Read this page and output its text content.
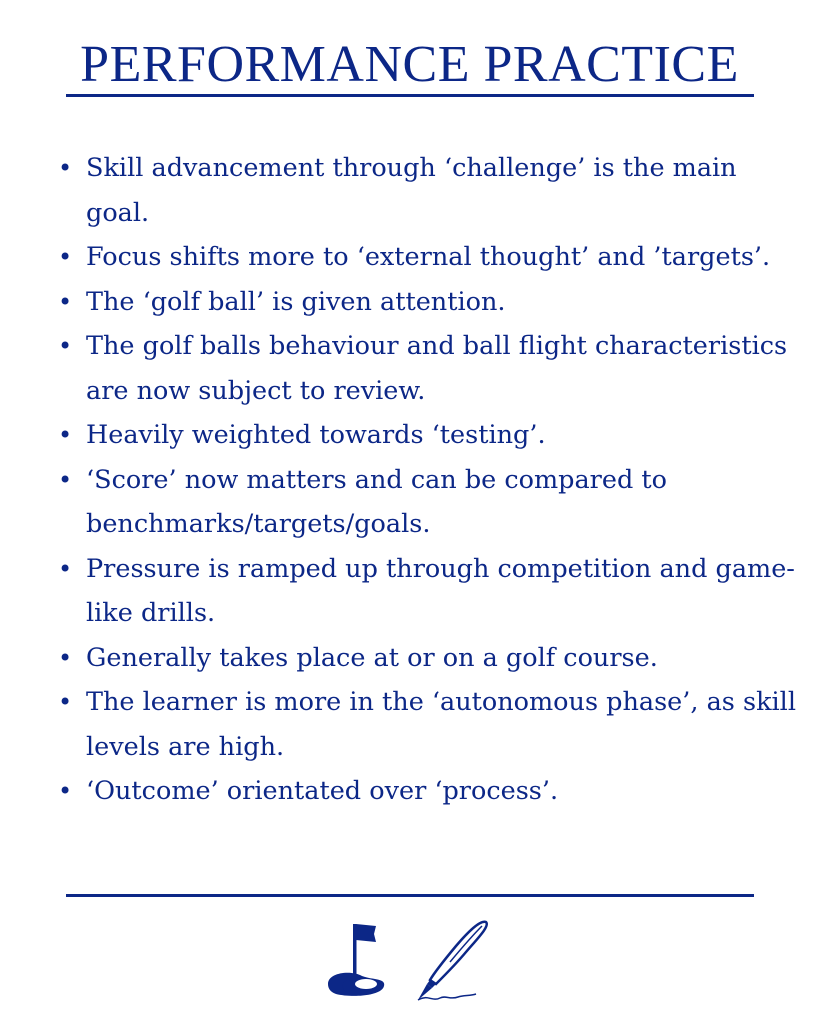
PERFORMANCE PRACTICE
• Skill advancement through ‘challenge’ is the main goal.
• Focus shifts more to ‘external thought’ and ’targets’.
• The ‘golf ball’ is given attention.
• The golf balls behaviour and ball flight characteristics are now subject to review.
• Heavily weighted towards ‘testing’.
• ‘Score’ now matters and can be compared to benchmarks/targets/goals.
• Pressure is ramped up through competition and game-like drills.
• Generally takes place at or on a golf course.
• The learner is more in the ‘autonomous phase’, as skill levels are high.
• ‘Outcome’ orientated over ‘process’.
